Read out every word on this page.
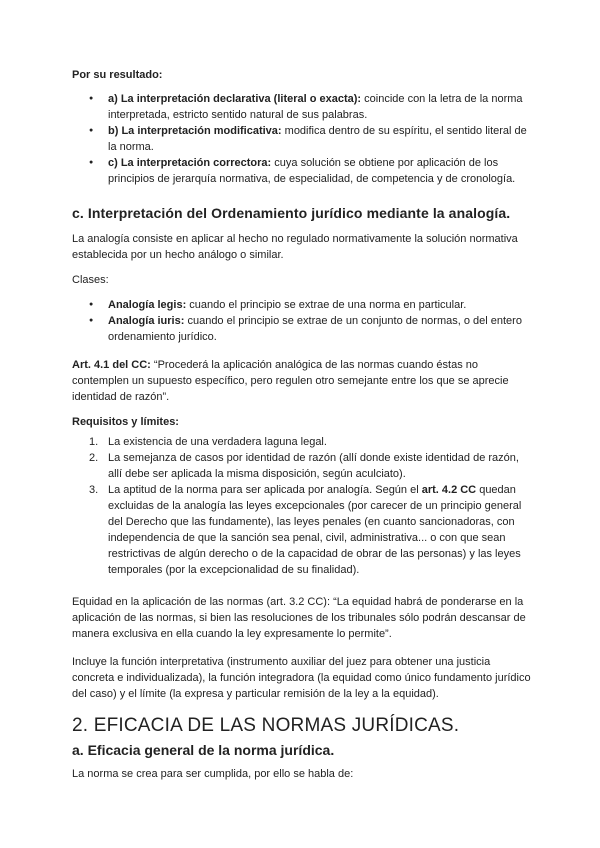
Por su resultado:

● a) La interpretación declarativa (literal o exacta): coincide con la letra de la norma interpretada, estricto sentido natural de sus palabras.
● b) La interpretación modificativa: modifica dentro de su espíritu, el sentido literal de la norma.
● c) La interpretación correctora: cuya solución se obtiene por aplicación de los principios de jerarquía normativa, de especialidad, de competencia y de cronología.
c. Interpretación del Ordenamiento jurídico mediante la analogía.

La analogía consiste en aplicar al hecho no regulado normativamente la solución normativa establecida por un hecho análogo o similar.

Clases:

● Analogía legis: cuando el principio se extrae de una norma en particular.
● Analogía iuris: cuando el principio se extrae de un conjunto de normas, o del entero ordenamiento jurídico.

Art. 4.1 del CC: “Procederá la aplicación analógica de las normas cuando éstas no contemplen un supuesto específico, pero regulen otro semejante entre los que se aprecie identidad de razón”.

Requisitos y límites:

1. La existencia de una verdadera laguna legal.
2. La semejanza de casos por identidad de razón (allí donde existe identidad de razón, allí debe ser aplicada la misma disposición, según aculciato).
3. La aptitud de la norma para ser aplicada por analogía. Según el art. 4.2 CC quedan excluidas de la analogía las leyes excepcionales (por carecer de un principio general del Derecho que las fundamente), las leyes penales (en cuanto sancionadoras, con independencia de que la sanción sea penal, civil, administrativa... o con que sean restrictivas de algún derecho o de la capacidad de obrar de las personas) y las leyes temporales (por la excepcionalidad de su finalidad).

Equidad en la aplicación de las normas (art. 3.2 CC): “La equidad habrá de ponderarse en la aplicación de las normas, si bien las resoluciones de los tribunales sólo podrán descansar de manera exclusiva en ella cuando la ley expresamente lo permite”.

Incluye la función interpretativa (instrumento auxiliar del juez para obtener una justicia concreta e individualizada), la función integradora (la equidad como único fundamento jurídico del caso) y el límite (la expresa y particular remisión de la ley a la equidad).

2. EFICACIA DE LAS NORMAS JURÍDICAS.
a. Eficacia general de la norma jurídica.

La norma se crea para ser cumplida, por ello se habla de:
